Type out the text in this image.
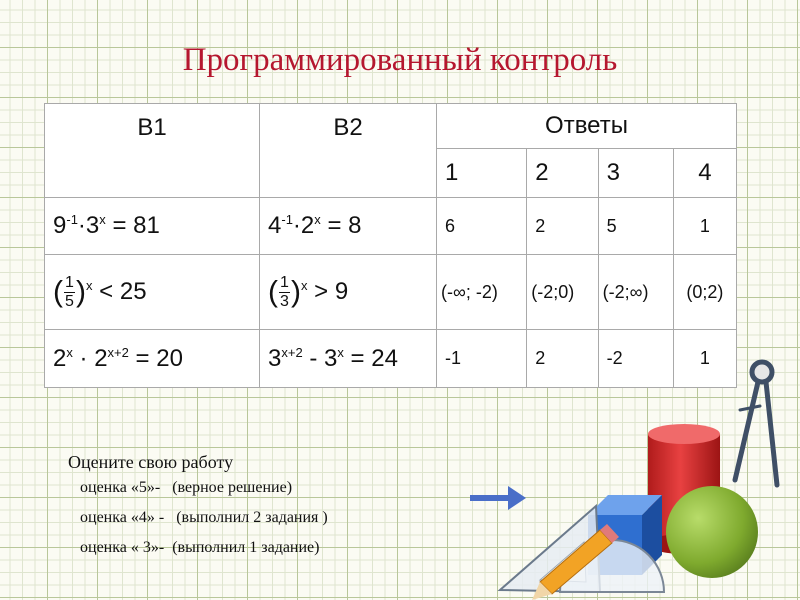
Программированный контроль
В1	В2	Ответы			
		1	2	3	4
$9^{-1}\cdot 3^x = 81$	$4^{-1}\cdot 2^x = 8$	6	2	5	1
( $\frac{1}{5} )^x < 25$	( $\frac{1}{3} )^x > 9$	(-∞; -2)	(-2;0)	(-2;∞)	(0;2)
$2^x \cdot 2^{x+2} = 20$	$3^{x+2} - 3^x = 24$	-1	2	-2	1
Оцените свою работу
оценка «5»-   (верное решение)
оценка «4» -   (выполнил 2 задания )
оценка « 3»-  (выполнил 1 задание)
